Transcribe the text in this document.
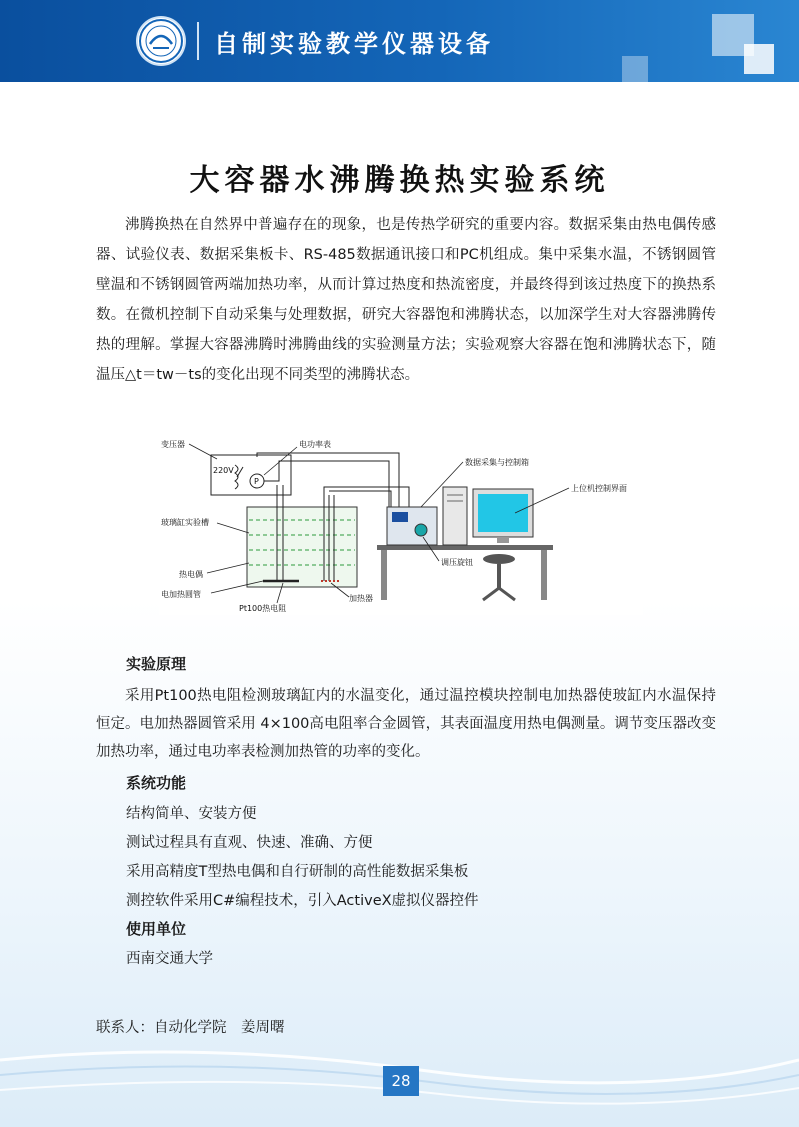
自制实验教学仪器设备
大容器水沸腾换热实验系统

沸腾换热在自然界中普遍存在的现象，也是传热学研究的重要内容。数据采集由热电偶传感器、试验仪表、数据采集板卡、RS-485数据通讯接口和PC机组成。集中采集水温，不锈钢圆管壁温和不锈钢圆管两端加热功率，从而计算过热度和热流密度，并最终得到该过热度下的换热系数。在微机控制下自动采集与处理数据，研究大容器饱和沸腾状态，以加深学生对大容器沸腾传热的理解。掌握大容器沸腾时沸腾曲线的实验测量方法；实验观察大容器在饱和沸腾状态下，随温压△t＝tw－ts的变化出现不同类型的沸腾状态。

变压器
220V
P
电功率表
玻璃缸实验槽
热电偶
电加热圆管
Pt100热电阻
加热器
数据采集与控制箱
调压旋钮
上位机控制界面
实验原理

采用Pt100热电阻检测玻璃缸内的水温变化，通过温控模块控制电加热器使玻缸内水温保持恒定。电加热器圆管采用 4×100高电阻率合金圆管，其表面温度用热电偶测量。调节变压器改变加热功率，通过电功率表检测加热管的功率的变化。

系统功能
结构简单、安装方便
测试过程具有直观、快速、准确、方便
采用高精度T型热电偶和自行研制的高性能数据采集板
测控软件采用C#编程技术，引入ActiveX虚拟仪器控件
使用单位
西南交通大学
联系人：自动化学院　姜周曙
28
